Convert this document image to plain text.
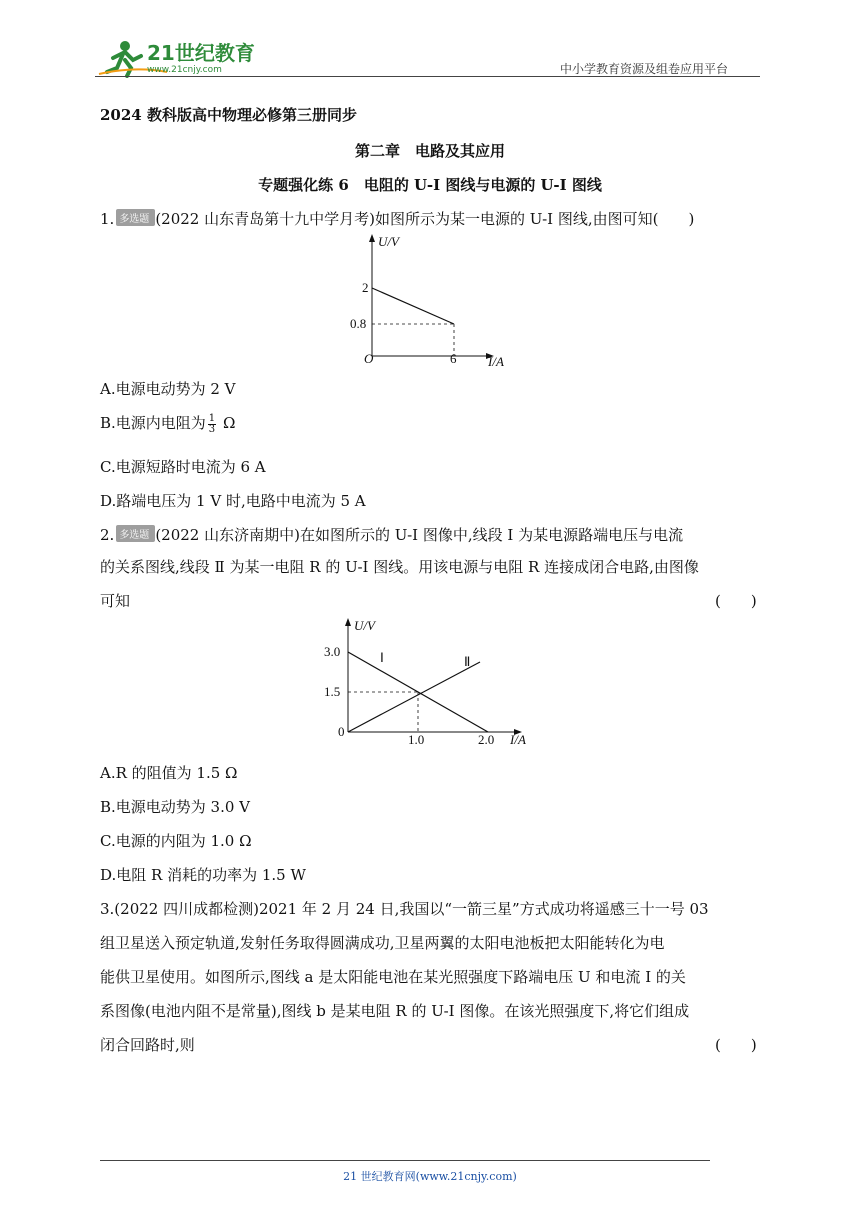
21世纪教育
www.21cnjy.com	中小学教育资源及组卷应用平台
2024 教科版高中物理必修第三册同步
第二章　电路及其应用
专题强化练 6　电阻的 U-I 图线与电源的 U-I 图线
1. 多选题 (2022 山东青岛第十九中学月考)如图所示为某一电源的 U-I 图线,由图可知(　　)
U/V
I/A
2
0.8
O	6
A.电源电动势为 2 V
B.电源内电阻为 $\frac{1}{3}$ Ω
C.电源短路时电流为 6 A
D.路端电压为 1 V 时,电路中电流为 5 A
2. 多选题 (2022 山东济南期中)在如图所示的 U-I 图像中,线段 Ⅰ 为某电源路端电压与电流
的关系图线,线段 Ⅱ 为某一电阻 R 的 U-I 图线。用该电源与电阻 R 连接成闭合电路,由图像
可知	(　　)
U/V
I/A
3.0
1.5
0
1.0	2.0
Ⅰ	Ⅱ
A.R 的阻值为 1.5 Ω
B.电源电动势为 3.0 V
C.电源的内阻为 1.0 Ω
D.电阻 R 消耗的功率为 1.5 W
3.(2022 四川成都检测)2021 年 2 月 24 日,我国以“一箭三星”方式成功将遥感三十一号 03
组卫星送入预定轨道,发射任务取得圆满成功,卫星两翼的太阳电池板把太阳能转化为电
能供卫星使用。如图所示,图线 a 是太阳能电池在某光照强度下路端电压 U 和电流 I 的关
系图像(电池内阻不是常量),图线 b 是某电阻 R 的 U-I 图像。在该光照强度下,将它们组成
闭合回路时,则	(　　)
21 世纪教育网(www.21cnjy.com)
